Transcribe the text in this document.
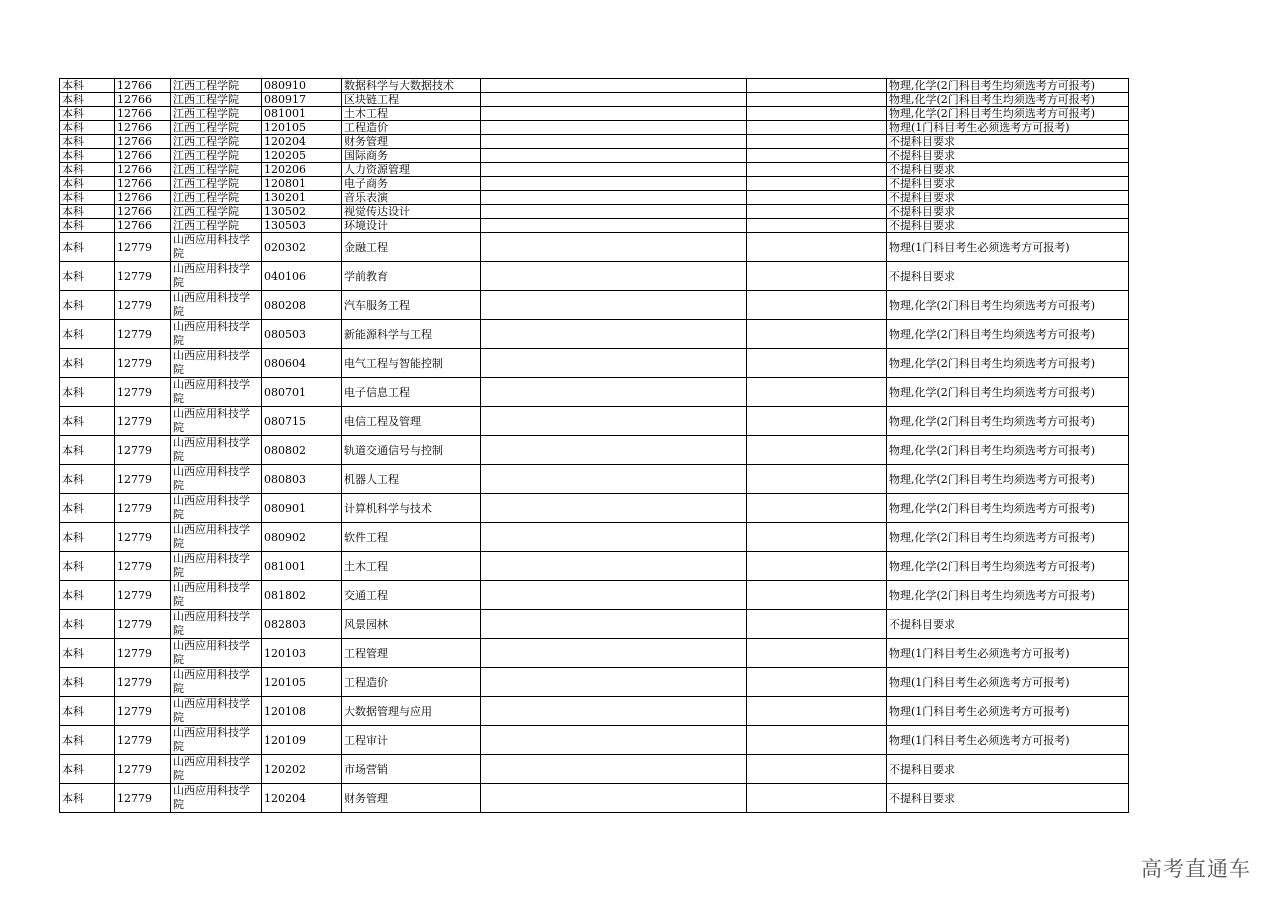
本科	12766	江西工程学院	080910	数据科学与大数据技术			物理,化学(2门科目考生均须选考方可报考)
本科	12766	江西工程学院	080917	区块链工程			物理,化学(2门科目考生均须选考方可报考)
本科	12766	江西工程学院	081001	土木工程			物理,化学(2门科目考生均须选考方可报考)
本科	12766	江西工程学院	120105	工程造价			物理(1门科目考生必须选考方可报考)
本科	12766	江西工程学院	120204	财务管理			不提科目要求
本科	12766	江西工程学院	120205	国际商务			不提科目要求
本科	12766	江西工程学院	120206	人力资源管理			不提科目要求
本科	12766	江西工程学院	120801	电子商务			不提科目要求
本科	12766	江西工程学院	130201	音乐表演			不提科目要求
本科	12766	江西工程学院	130502	视觉传达设计			不提科目要求
本科	12766	江西工程学院	130503	环境设计			不提科目要求
本科	12779	山西应用科技学院	020302	金融工程			物理(1门科目考生必须选考方可报考)
本科	12779	山西应用科技学院	040106	学前教育			不提科目要求
本科	12779	山西应用科技学院	080208	汽车服务工程			物理,化学(2门科目考生均须选考方可报考)
本科	12779	山西应用科技学院	080503	新能源科学与工程			物理,化学(2门科目考生均须选考方可报考)
本科	12779	山西应用科技学院	080604	电气工程与智能控制			物理,化学(2门科目考生均须选考方可报考)
本科	12779	山西应用科技学院	080701	电子信息工程			物理,化学(2门科目考生均须选考方可报考)
本科	12779	山西应用科技学院	080715	电信工程及管理			物理,化学(2门科目考生均须选考方可报考)
本科	12779	山西应用科技学院	080802	轨道交通信号与控制			物理,化学(2门科目考生均须选考方可报考)
本科	12779	山西应用科技学院	080803	机器人工程			物理,化学(2门科目考生均须选考方可报考)
本科	12779	山西应用科技学院	080901	计算机科学与技术			物理,化学(2门科目考生均须选考方可报考)
本科	12779	山西应用科技学院	080902	软件工程			物理,化学(2门科目考生均须选考方可报考)
本科	12779	山西应用科技学院	081001	土木工程			物理,化学(2门科目考生均须选考方可报考)
本科	12779	山西应用科技学院	081802	交通工程			物理,化学(2门科目考生均须选考方可报考)
本科	12779	山西应用科技学院	082803	风景园林			不提科目要求
本科	12779	山西应用科技学院	120103	工程管理			物理(1门科目考生必须选考方可报考)
本科	12779	山西应用科技学院	120105	工程造价			物理(1门科目考生必须选考方可报考)
本科	12779	山西应用科技学院	120108	大数据管理与应用			物理(1门科目考生必须选考方可报考)
本科	12779	山西应用科技学院	120109	工程审计			物理(1门科目考生必须选考方可报考)
本科	12779	山西应用科技学院	120202	市场营销			不提科目要求
本科	12779	山西应用科技学院	120204	财务管理			不提科目要求
高考直通车
